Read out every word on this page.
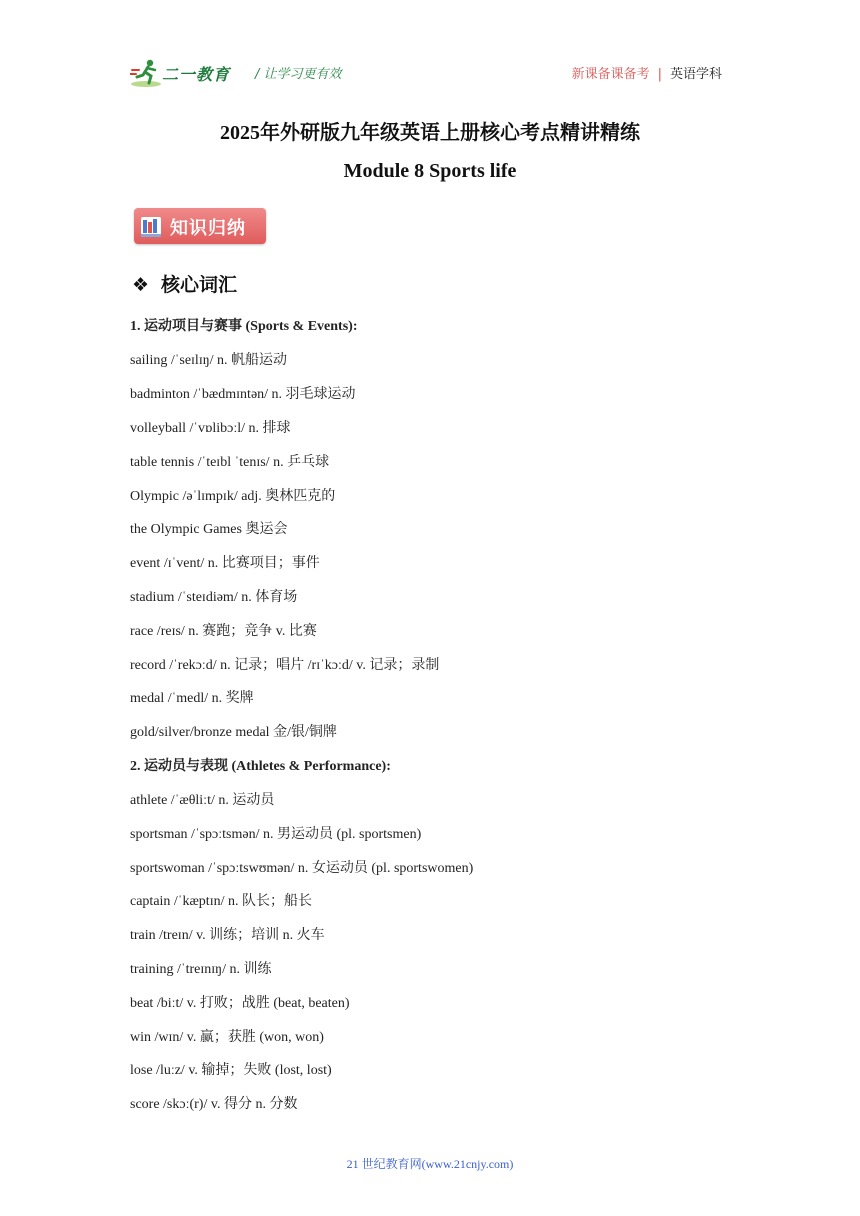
二一教育 / 让学习更有效	新课备课备考 | 英语学科
2025年外研版九年级英语上册核心考点精讲精练
Module 8 Sports life
知识归纳
❖ 核心词汇
1. 运动项目与赛事 (Sports & Events):
sailing /ˈseɪlɪŋ/ n. 帆船运动
badminton /ˈbædmɪntən/ n. 羽毛球运动
volleyball /ˈvɒlibɔːl/ n. 排球
table tennis /ˈteɪbl ˈtenɪs/ n. 乒乓球
Olympic /əˈlɪmpɪk/ adj. 奥林匹克的
the Olympic Games 奥运会
event /ɪˈvent/ n. 比赛项目；事件
stadium /ˈsteɪdiəm/ n. 体育场
race /reɪs/ n. 赛跑；竞争 v. 比赛
record /ˈrekɔːd/ n. 记录；唱片 /rɪˈkɔːd/ v. 记录；录制
medal /ˈmedl/ n. 奖牌
gold/silver/bronze medal 金/银/铜牌
2. 运动员与表现 (Athletes & Performance):
athlete /ˈæθliːt/ n. 运动员
sportsman /ˈspɔːtsmən/ n. 男运动员 (pl. sportsmen)
sportswoman /ˈspɔːtswʊmən/ n. 女运动员 (pl. sportswomen)
captain /ˈkæptɪn/ n. 队长；船长
train /treɪn/ v. 训练；培训 n. 火车
training /ˈtreɪnɪŋ/ n. 训练
beat /biːt/ v. 打败；战胜 (beat, beaten)
win /wɪn/ v. 赢；获胜 (won, won)
lose /luːz/ v. 输掉；失败 (lost, lost)
score /skɔː(r)/ v. 得分 n. 分数
21 世纪教育网(www.21cnjy.com)
